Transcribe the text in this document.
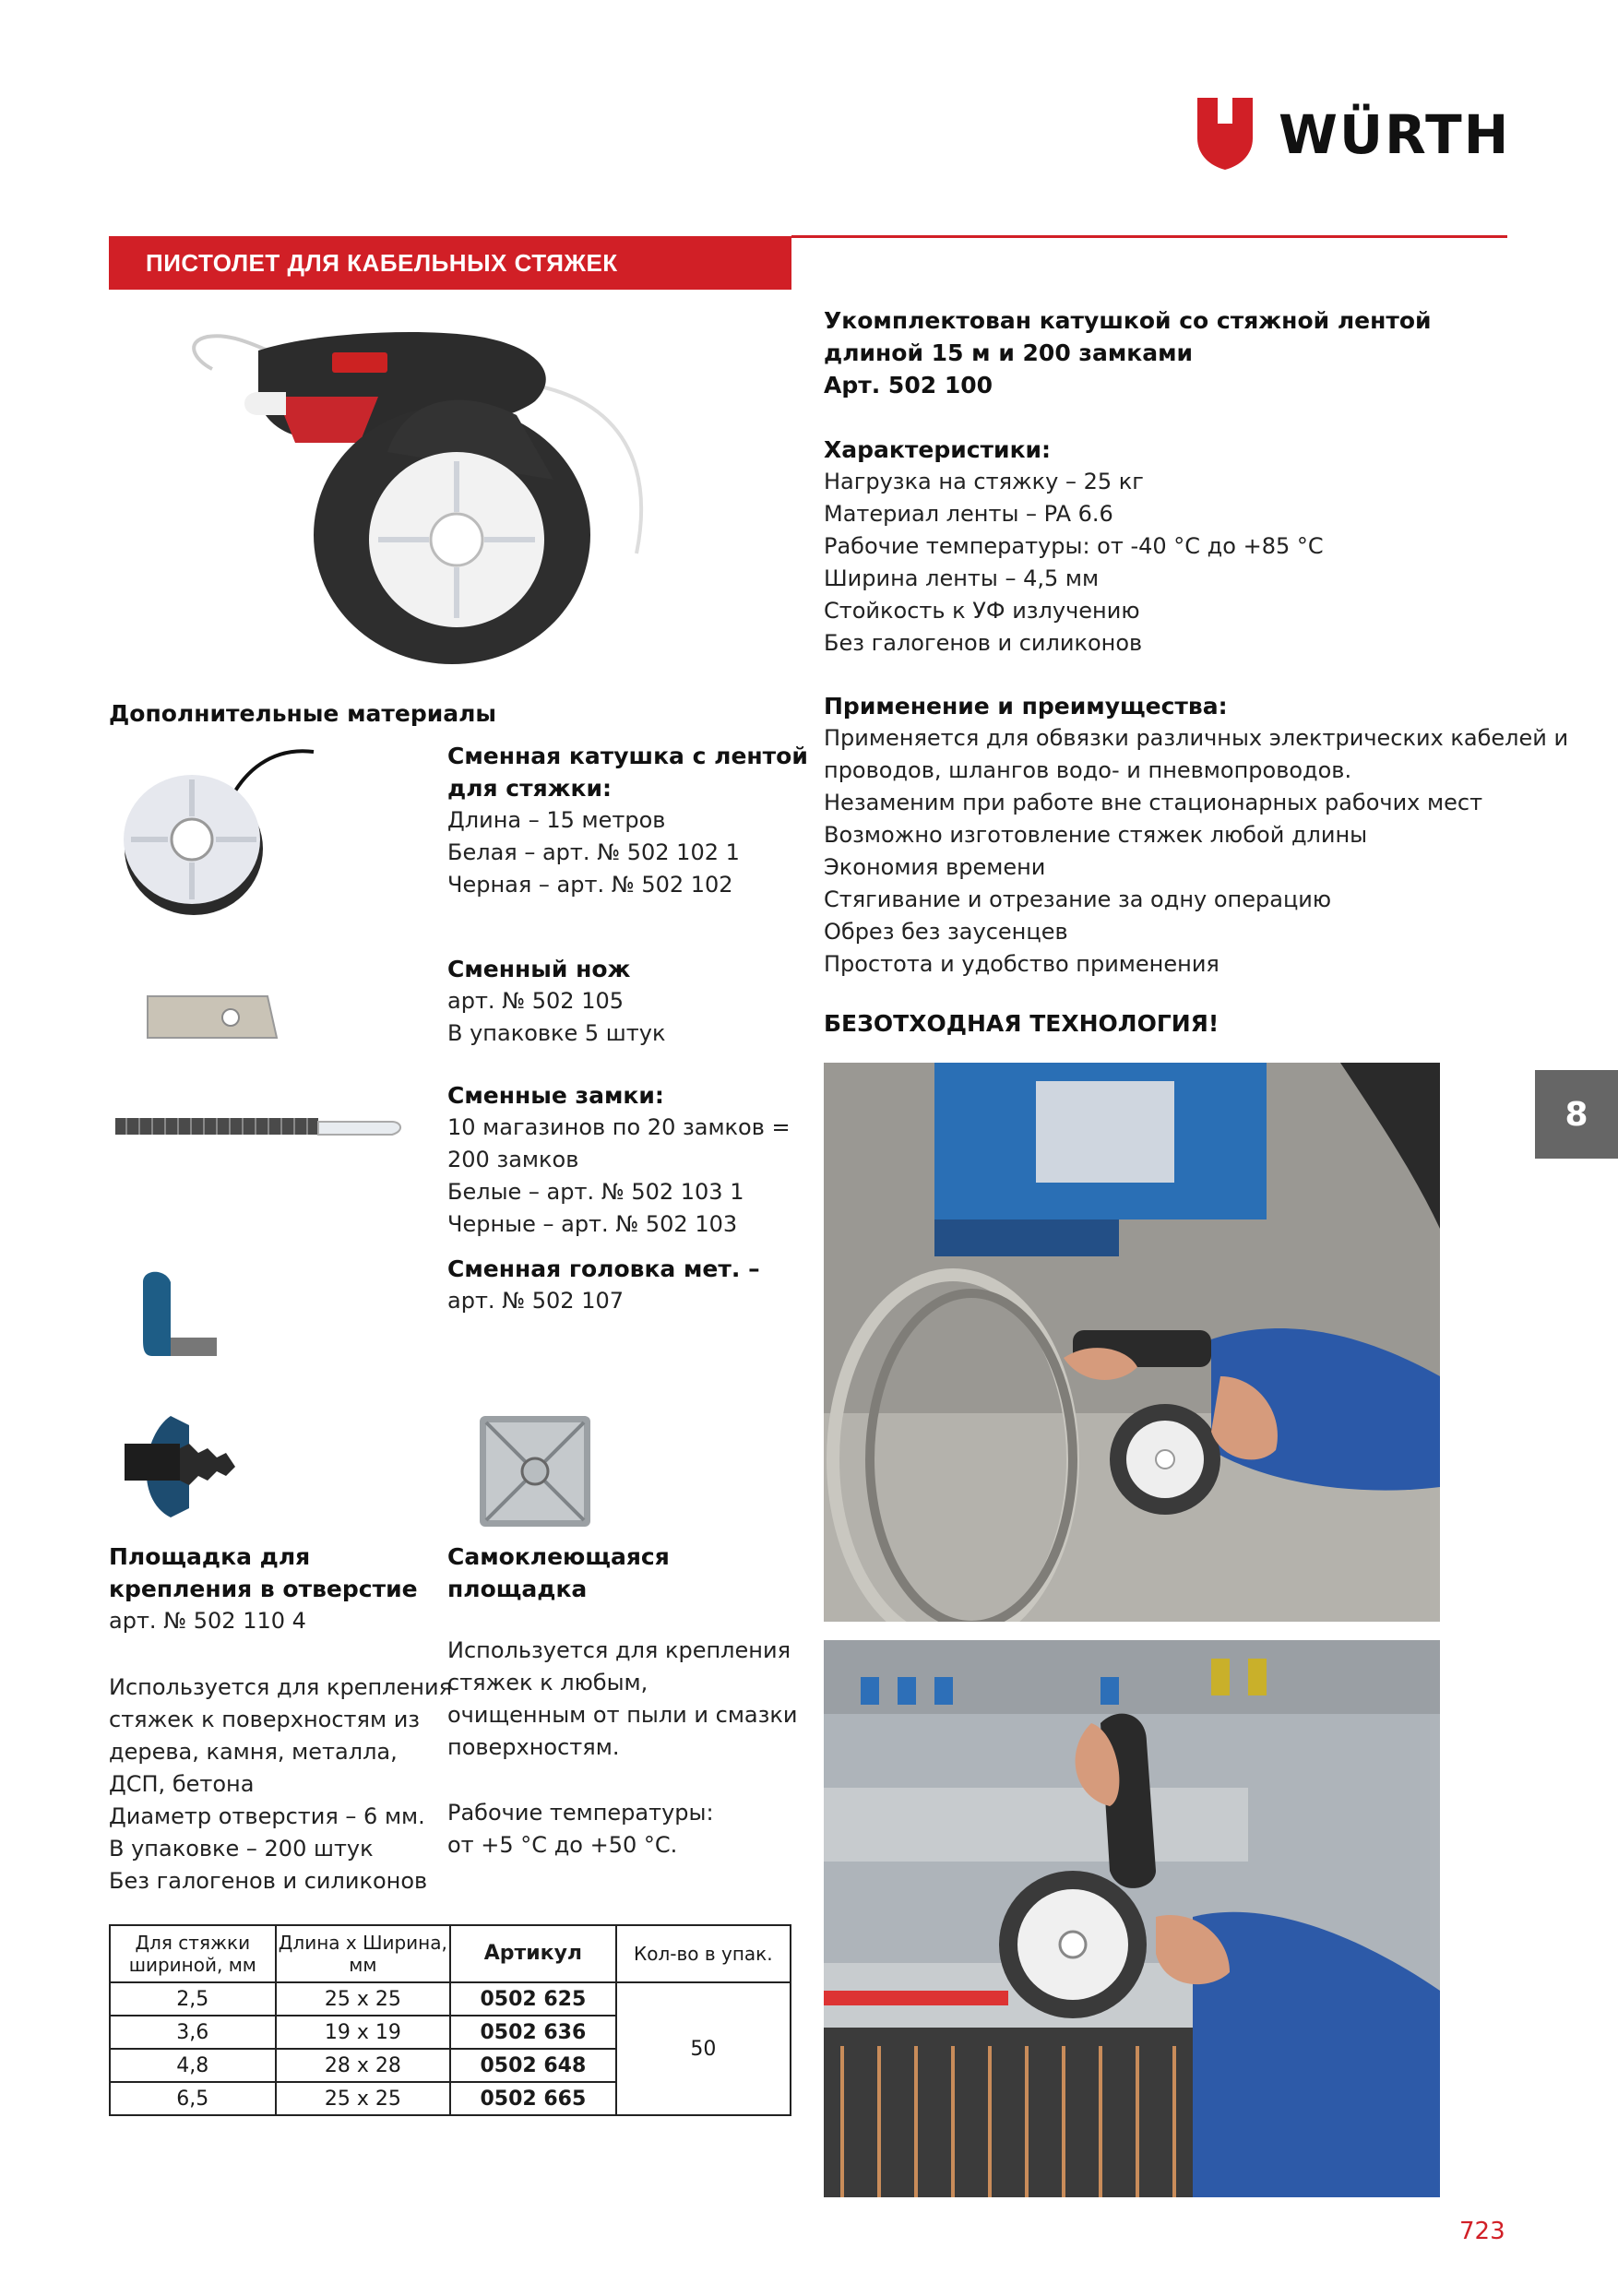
WÜRTH
ПИСТОЛЕТ ДЛЯ КАБЕЛЬНЫХ СТЯЖЕК
Укомплектован катушкой со стяжной лентой
длиной 15 м и 200 замками
Арт. 502 100
Характеристики:
Нагрузка на стяжку – 25 кг
Материал ленты – PA 6.6
Рабочие температуры: от -40 °C до +85 °C
Ширина ленты – 4,5 мм
Стойкость к УФ излучению
Без галогенов и силиконов
Применение и преимущества:
Применяется для обвязки различных электрических кабелей и
проводов, шлангов водо- и пневмопроводов.
Незаменим при работе вне стационарных рабочих мест
Возможно изготовление стяжек любой длины
Экономия времени
Стягивание и отрезание за одну операцию
Обрез без заусенцев
Простота и удобство применения
БЕЗОТХОДНАЯ ТЕХНОЛОГИЯ!
8
Дополнительные материалы
Сменная катушка с лентой
для стяжки:
Длина – 15 метров
Белая – арт. № 502 102 1
Черная – арт. № 502 102
Сменный нож
арт. № 502 105
В упаковке 5 штук
Сменные замки:
10 магазинов по 20 замков =
200 замков
Белые – арт. № 502 103 1
Черные – арт. № 502 103
Сменная головка мет. –
арт. № 502 107
Площадка для
крепления в отверстие
арт. № 502 110 4
Используется для крепления
стяжек к поверхностям из
дерева, камня, металла,
ДСП, бетона
Диаметр отверстия – 6 мм.
В упаковке – 200 штук
Без галогенов и силиконов
Самоклеющаяся
площадка
Используется для крепления
стяжек к любым,
очищенным от пыли и смазки
поверхностям.
Рабочие температуры:
от +5 °C до +50 °C.
Для стяжки шириной, мм	Длина х Ширина, мм	Артикул	Кол-во в упак.
2,5	25 х 25	0502 625	50
3,6	19 х 19	0502 636	
4,8	28 х 28	0502 648	
6,5	25 х 25	0502 665	
723
